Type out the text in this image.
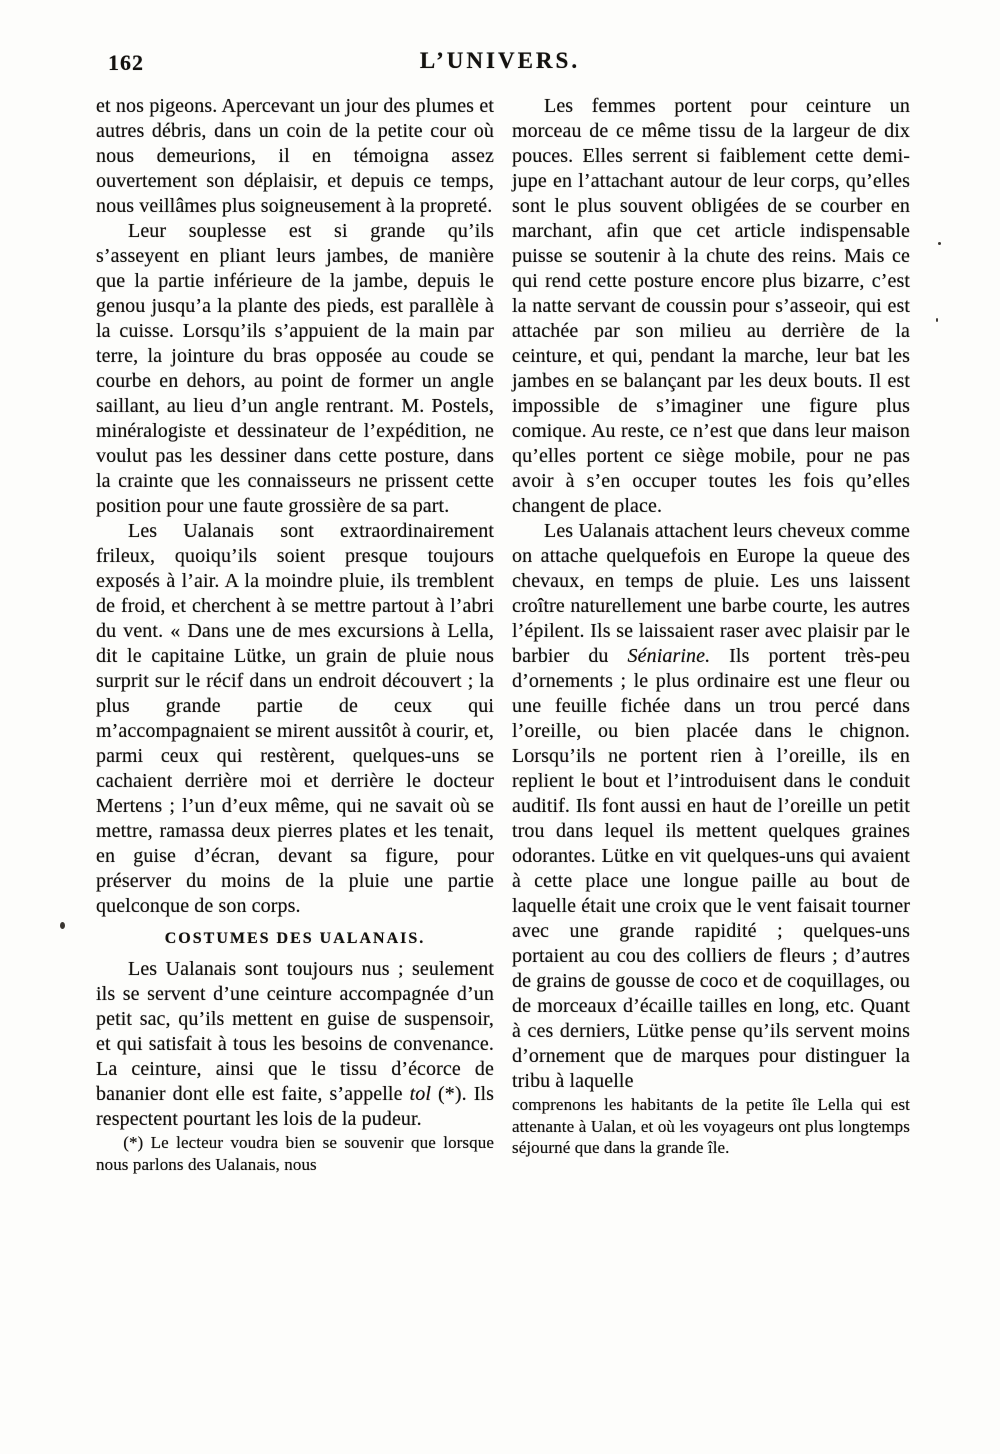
162	L’UNIVERS.

et nos pigeons. Apercevant un jour des plumes et autres débris, dans un coin de la petite cour où nous demeurions, il en témoigna assez ouvertement son déplaisir, et depuis ce temps, nous veillâmes plus soigneusement à la propreté.

Leur souplesse est si grande qu’ils s’asseyent en pliant leurs jambes, de manière que la partie inférieure de la jambe, depuis le genou jusqu’a la plante des pieds, est parallèle à la cuisse. Lorsqu’ils s’appuient de la main par terre, la jointure du bras opposée au coude se courbe en dehors, au point de former un angle saillant, au lieu d’un angle rentrant. M. Postels, minéralogiste et dessinateur de l’expédition, ne voulut pas les dessiner dans cette posture, dans la crainte que les connaisseurs ne prissent cette position pour une faute grossière de sa part.

Les Ualanais sont extraordinairement frileux, quoiqu’ils soient presque toujours exposés à l’air. A la moindre pluie, ils tremblent de froid, et cherchent à se mettre partout à l’abri du vent. « Dans une de mes excursions à Lella, dit le capitaine Lütke, un grain de pluie nous surprit sur le récif dans un endroit découvert ; la plus grande partie de ceux qui m’accompagnaient se mirent aussitôt à courir, et, parmi ceux qui restèrent, quelques-uns se cachaient derrière moi et derrière le docteur Mertens ; l’un d’eux même, qui ne savait où se mettre, ramassa deux pierres plates et les tenait, en guise d’écran, devant sa figure, pour préserver du moins de la pluie une partie quelconque de son corps.

COSTUMES DES UALANAIS.

Les Ualanais sont toujours nus ; seulement ils se servent d’une ceinture accompagnée d’un petit sac, qu’ils mettent en guise de suspensoir, et qui satisfait à tous les besoins de convenance. La ceinture, ainsi que le tissu d’écorce de bananier dont elle est faite, s’appelle tol (*). Ils respectent pourtant les lois de la pudeur.

(*) Le lecteur voudra bien se souvenir que lorsque nous parlons des Ualanais, nous

Les femmes portent pour ceinture un morceau de ce même tissu de la largeur de dix pouces. Elles serrent si faiblement cette demi-jupe en l’attachant autour de leur corps, qu’elles sont le plus souvent obligées de se courber en marchant, afin que cet article indispensable puisse se soutenir à la chute des reins. Mais ce qui rend cette posture encore plus bizarre, c’est la natte servant de coussin pour s’asseoir, qui est attachée par son milieu au derrière de la ceinture, et qui, pendant la marche, leur bat les jambes en se balançant par les deux bouts. Il est impossible de s’imaginer une figure plus comique. Au reste, ce n’est que dans leur maison qu’elles portent ce siège mobile, pour ne pas avoir à s’en occuper toutes les fois qu’elles changent de place.

Les Ualanais attachent leurs cheveux comme on attache quelquefois en Europe la queue des chevaux, en temps de pluie. Les uns laissent croître naturellement une barbe courte, les autres l’épilent. Ils se laissaient raser avec plaisir par le barbier du Séniarine. Ils portent très-peu d’ornements ; le plus ordinaire est une fleur ou une feuille fichée dans un trou percé dans l’oreille, ou bien placée dans le chignon. Lorsqu’ils ne portent rien à l’oreille, ils en replient le bout et l’introduisent dans le conduit auditif. Ils font aussi en haut de l’oreille un petit trou dans lequel ils mettent quelques graines odorantes. Lütke en vit quelques-uns qui avaient à cette place une longue paille au bout de laquelle était une croix que le vent faisait tourner avec une grande rapidité ; quelques-uns portaient au cou des colliers de fleurs ; d’autres de grains de gousse de coco et de coquillages, ou de morceaux d’écaille tailles en long, etc. Quant à ces derniers, Lütke pense qu’ils servent moins d’ornement que de marques pour distinguer la tribu à laquelle

comprenons les habitants de la petite île Lella qui est attenante à Ualan, et où les voyageurs ont plus longtemps séjourné que dans la grande île.
